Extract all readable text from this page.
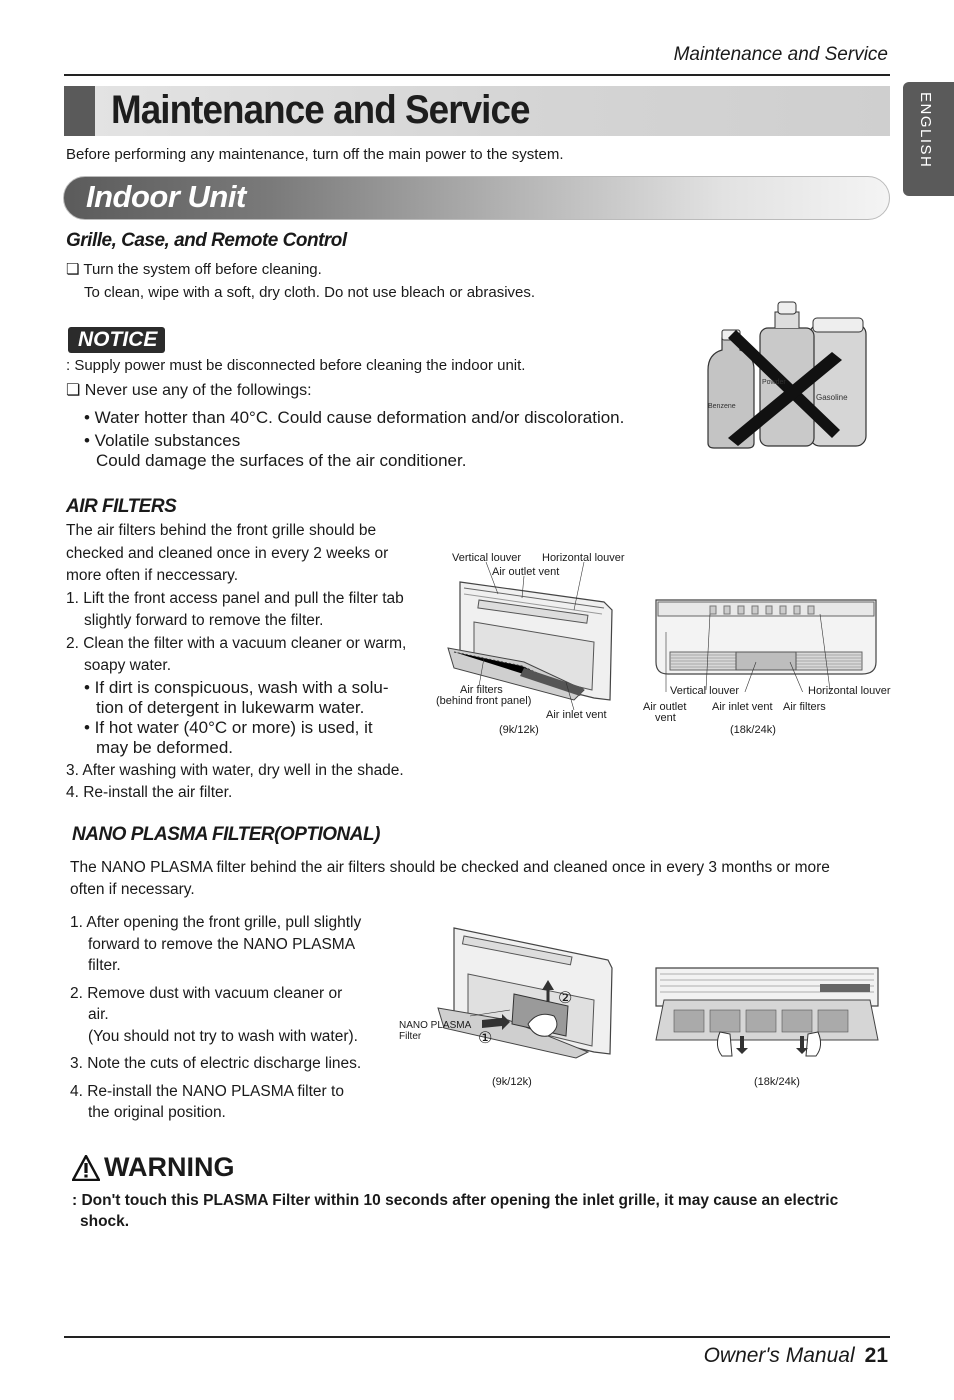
Maintenance and Service
Maintenance and Service	ENGLISH
Before performing any maintenance, turn off the main power to the system.
Indoor Unit
Grille, Case, and Remote Control
❏ Turn the system off before cleaning.
To clean, wipe with a soft, dry cloth. Do not use bleach or abrasives.
NOTICE
: Supply power must be disconnected before cleaning the indoor unit.
❏ Never use any of the followings:
• Water hotter than 40°C. Could cause deformation and/or discoloration.
• Volatile substances
Could damage the surfaces of the air conditioner.
Benzene
Powder
Gasoline
AIR FILTERS
The air filters behind the front grille should be
checked and cleaned once in every 2 weeks or
more often if neccessary.
1. Lift the front access panel and pull the filter tab
slightly forward to remove the filter.
2. Clean the filter with a vacuum cleaner or warm,
soapy water.
• If dirt is conspicuous, wash with a solu-
tion of detergent in lukewarm water.
• If hot water (40°C or more) is used, it
may be deformed.
3. After washing with water, dry well in the shade.
4. Re-install the air filter.
Vertical louver Horizontal louver
Air outlet vent
Air filters
(behind front panel)
Air inlet vent
(9k/12k)
Vertical louver	Horizontal louver
Air outlet
vent
Air inlet vent Air filters
(18k/24k)
NANO PLASMA FILTER(OPTIONAL)
The NANO PLASMA filter behind the air filters should be checked and cleaned once in every 3 months or more
often if necessary.
1. After opening the front grille, pull slightly
forward to remove the NANO PLASMA
filter.
2. Remove dust with vacuum cleaner or
air.
(You should not try to wash with water).
3. Note the cuts of electric discharge lines.
4. Re-install the NANO PLASMA filter to
the original position.
②
①
NANO PLASMA
Filter
(9k/12k)	(18k/24k)
WARNING
: Don't touch this PLASMA Filter within 10 seconds after opening the inlet grille, it may cause an electric shock.
Owner's Manual 21
